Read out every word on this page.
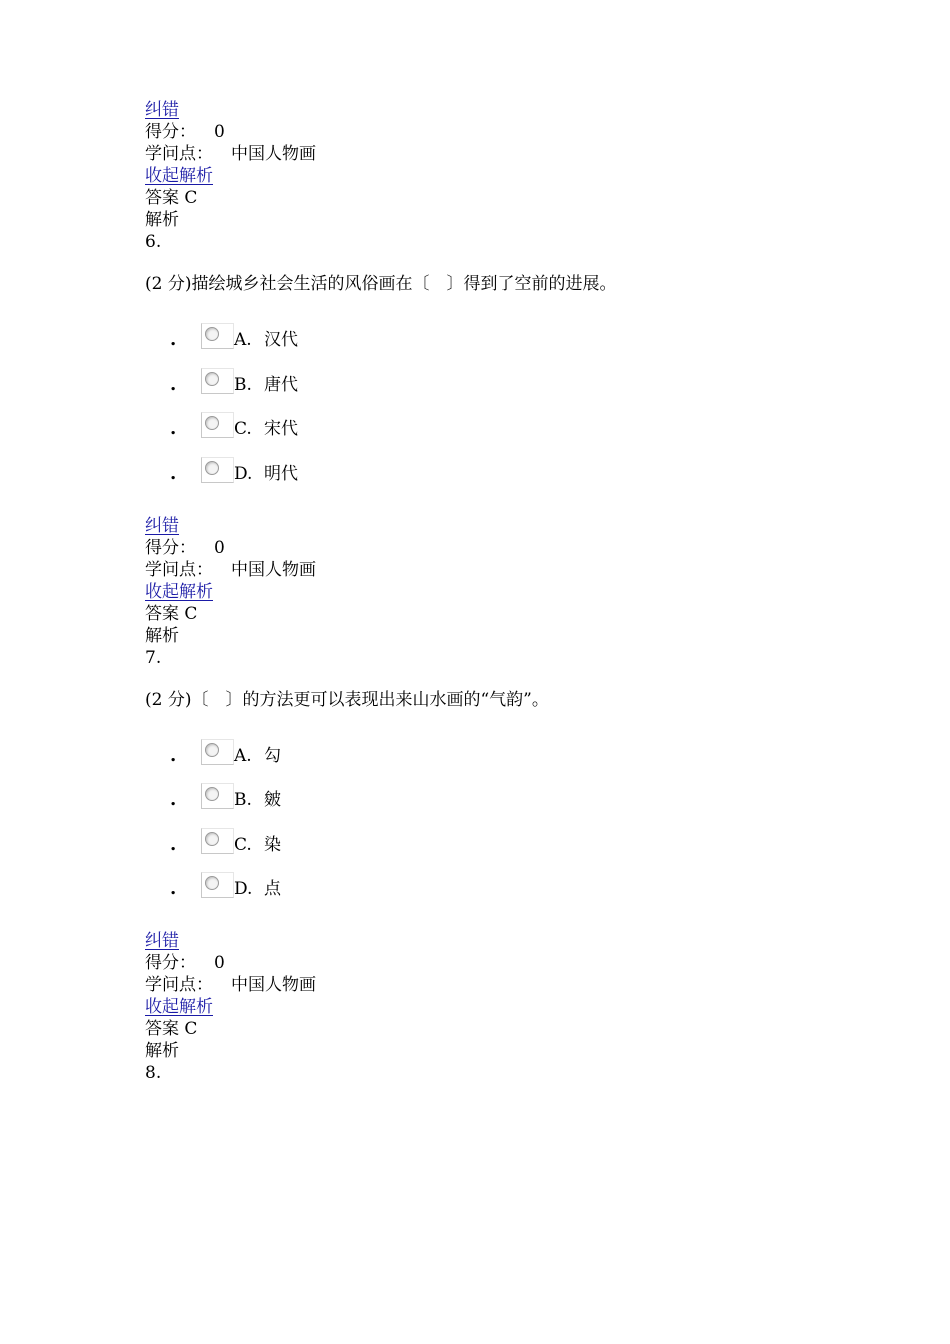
纠错
得分： 0
学问点： 中国人物画
收起解析
答案 C
解析
6.
(2 分)描绘城乡社会生活的风俗画在〔　〕得到了空前的进展。
.	A. 汉代
.	B. 唐代
.	C. 宋代
.	D. 明代
纠错
得分： 0
学问点： 中国人物画
收起解析
答案 C
解析
7.
(2 分)〔　〕的方法更可以表现出来山水画的“气韵”。
.	A. 勾
.	B. 皴
.	C. 染
.	D. 点
纠错
得分： 0
学问点： 中国人物画
收起解析
答案 C
解析
8.
